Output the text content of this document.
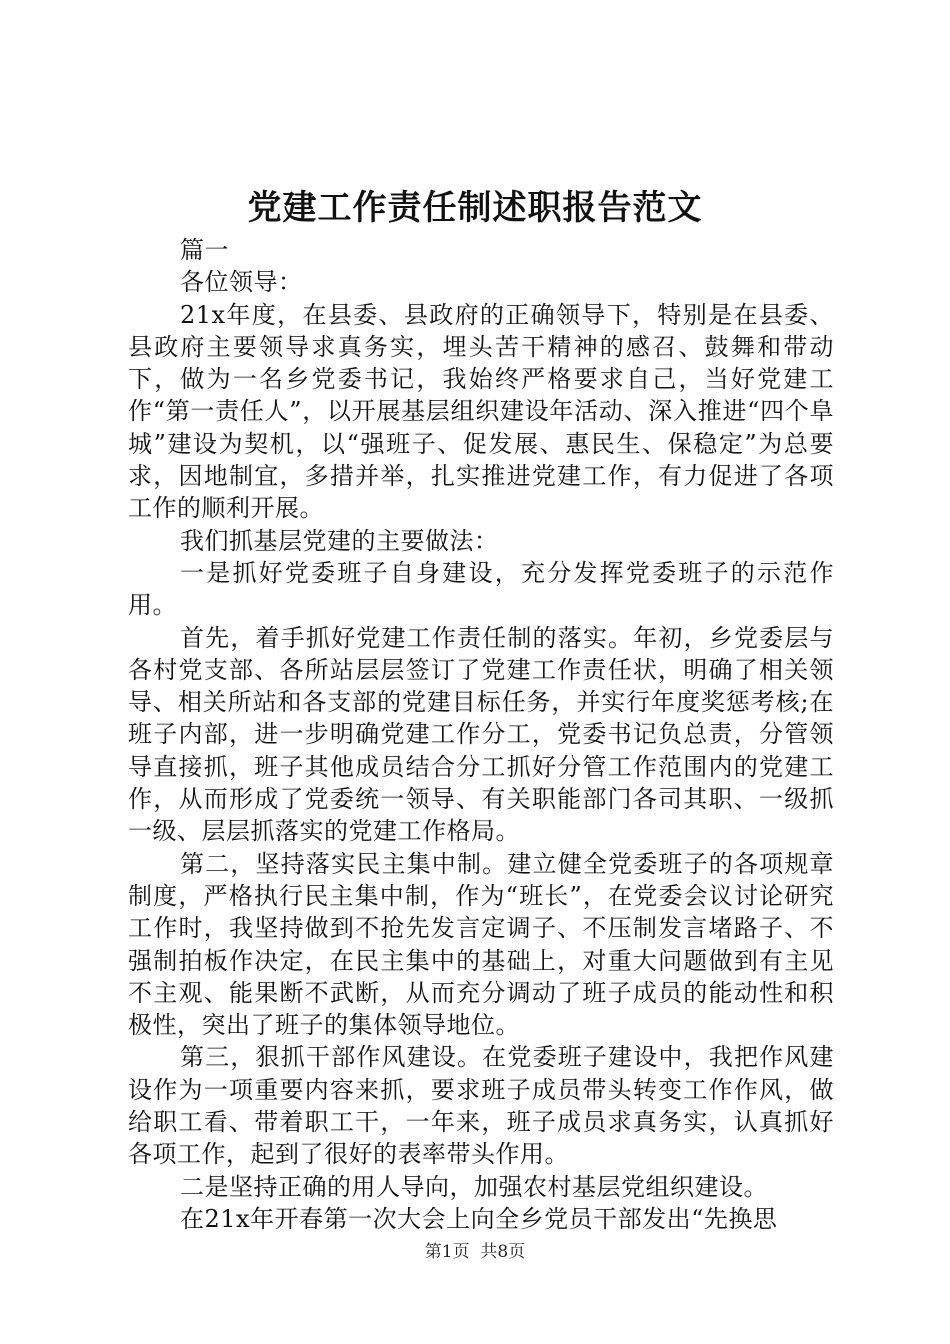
党建工作责任制述职报告范文

篇一

各位领导：

21x年度，在县委、县政府的正确领导下，特别是在县委、县政府主要领导求真务实，埋头苦干精神的感召、鼓舞和带动下，做为一名乡党委书记，我始终严格要求自己，当好党建工作“第一责任人”，以开展基层组织建设年活动、深入推进“四个阜城”建设为契机，以“强班子、促发展、惠民生、保稳定”为总要求，因地制宜，多措并举，扎实推进党建工作，有力促进了各项工作的顺利开展。

我们抓基层党建的主要做法：

一是抓好党委班子自身建设，充分发挥党委班子的示范作用。

首先，着手抓好党建工作责任制的落实。年初，乡党委层与各村党支部、各所站层层签订了党建工作责任状，明确了相关领导、相关所站和各支部的党建目标任务，并实行年度奖惩考核;在班子内部，进一步明确党建工作分工，党委书记负总责，分管领导直接抓，班子其他成员结合分工抓好分管工作范围内的党建工作，从而形成了党委统一领导、有关职能部门各司其职、一级抓一级、层层抓落实的党建工作格局。

第二，坚持落实民主集中制。建立健全党委班子的各项规章制度，严格执行民主集中制，作为“班长”，在党委会议讨论研究工作时，我坚持做到不抢先发言定调子、不压制发言堵路子、不强制拍板作决定，在民主集中的基础上，对重大问题做到有主见不主观、能果断不武断，从而充分调动了班子成员的能动性和积极性，突出了班子的集体领导地位。

第三，狠抓干部作风建设。在党委班子建设中，我把作风建设作为一项重要内容来抓，要求班子成员带头转变工作作风，做给职工看、带着职工干，一年来，班子成员求真务实，认真抓好各项工作，起到了很好的表率带头作用。

二是坚持正确的用人导向，加强农村基层党组织建设。

在21x年开春第一次大会上向全乡党员干部发出“先换思

第1页 共8页
